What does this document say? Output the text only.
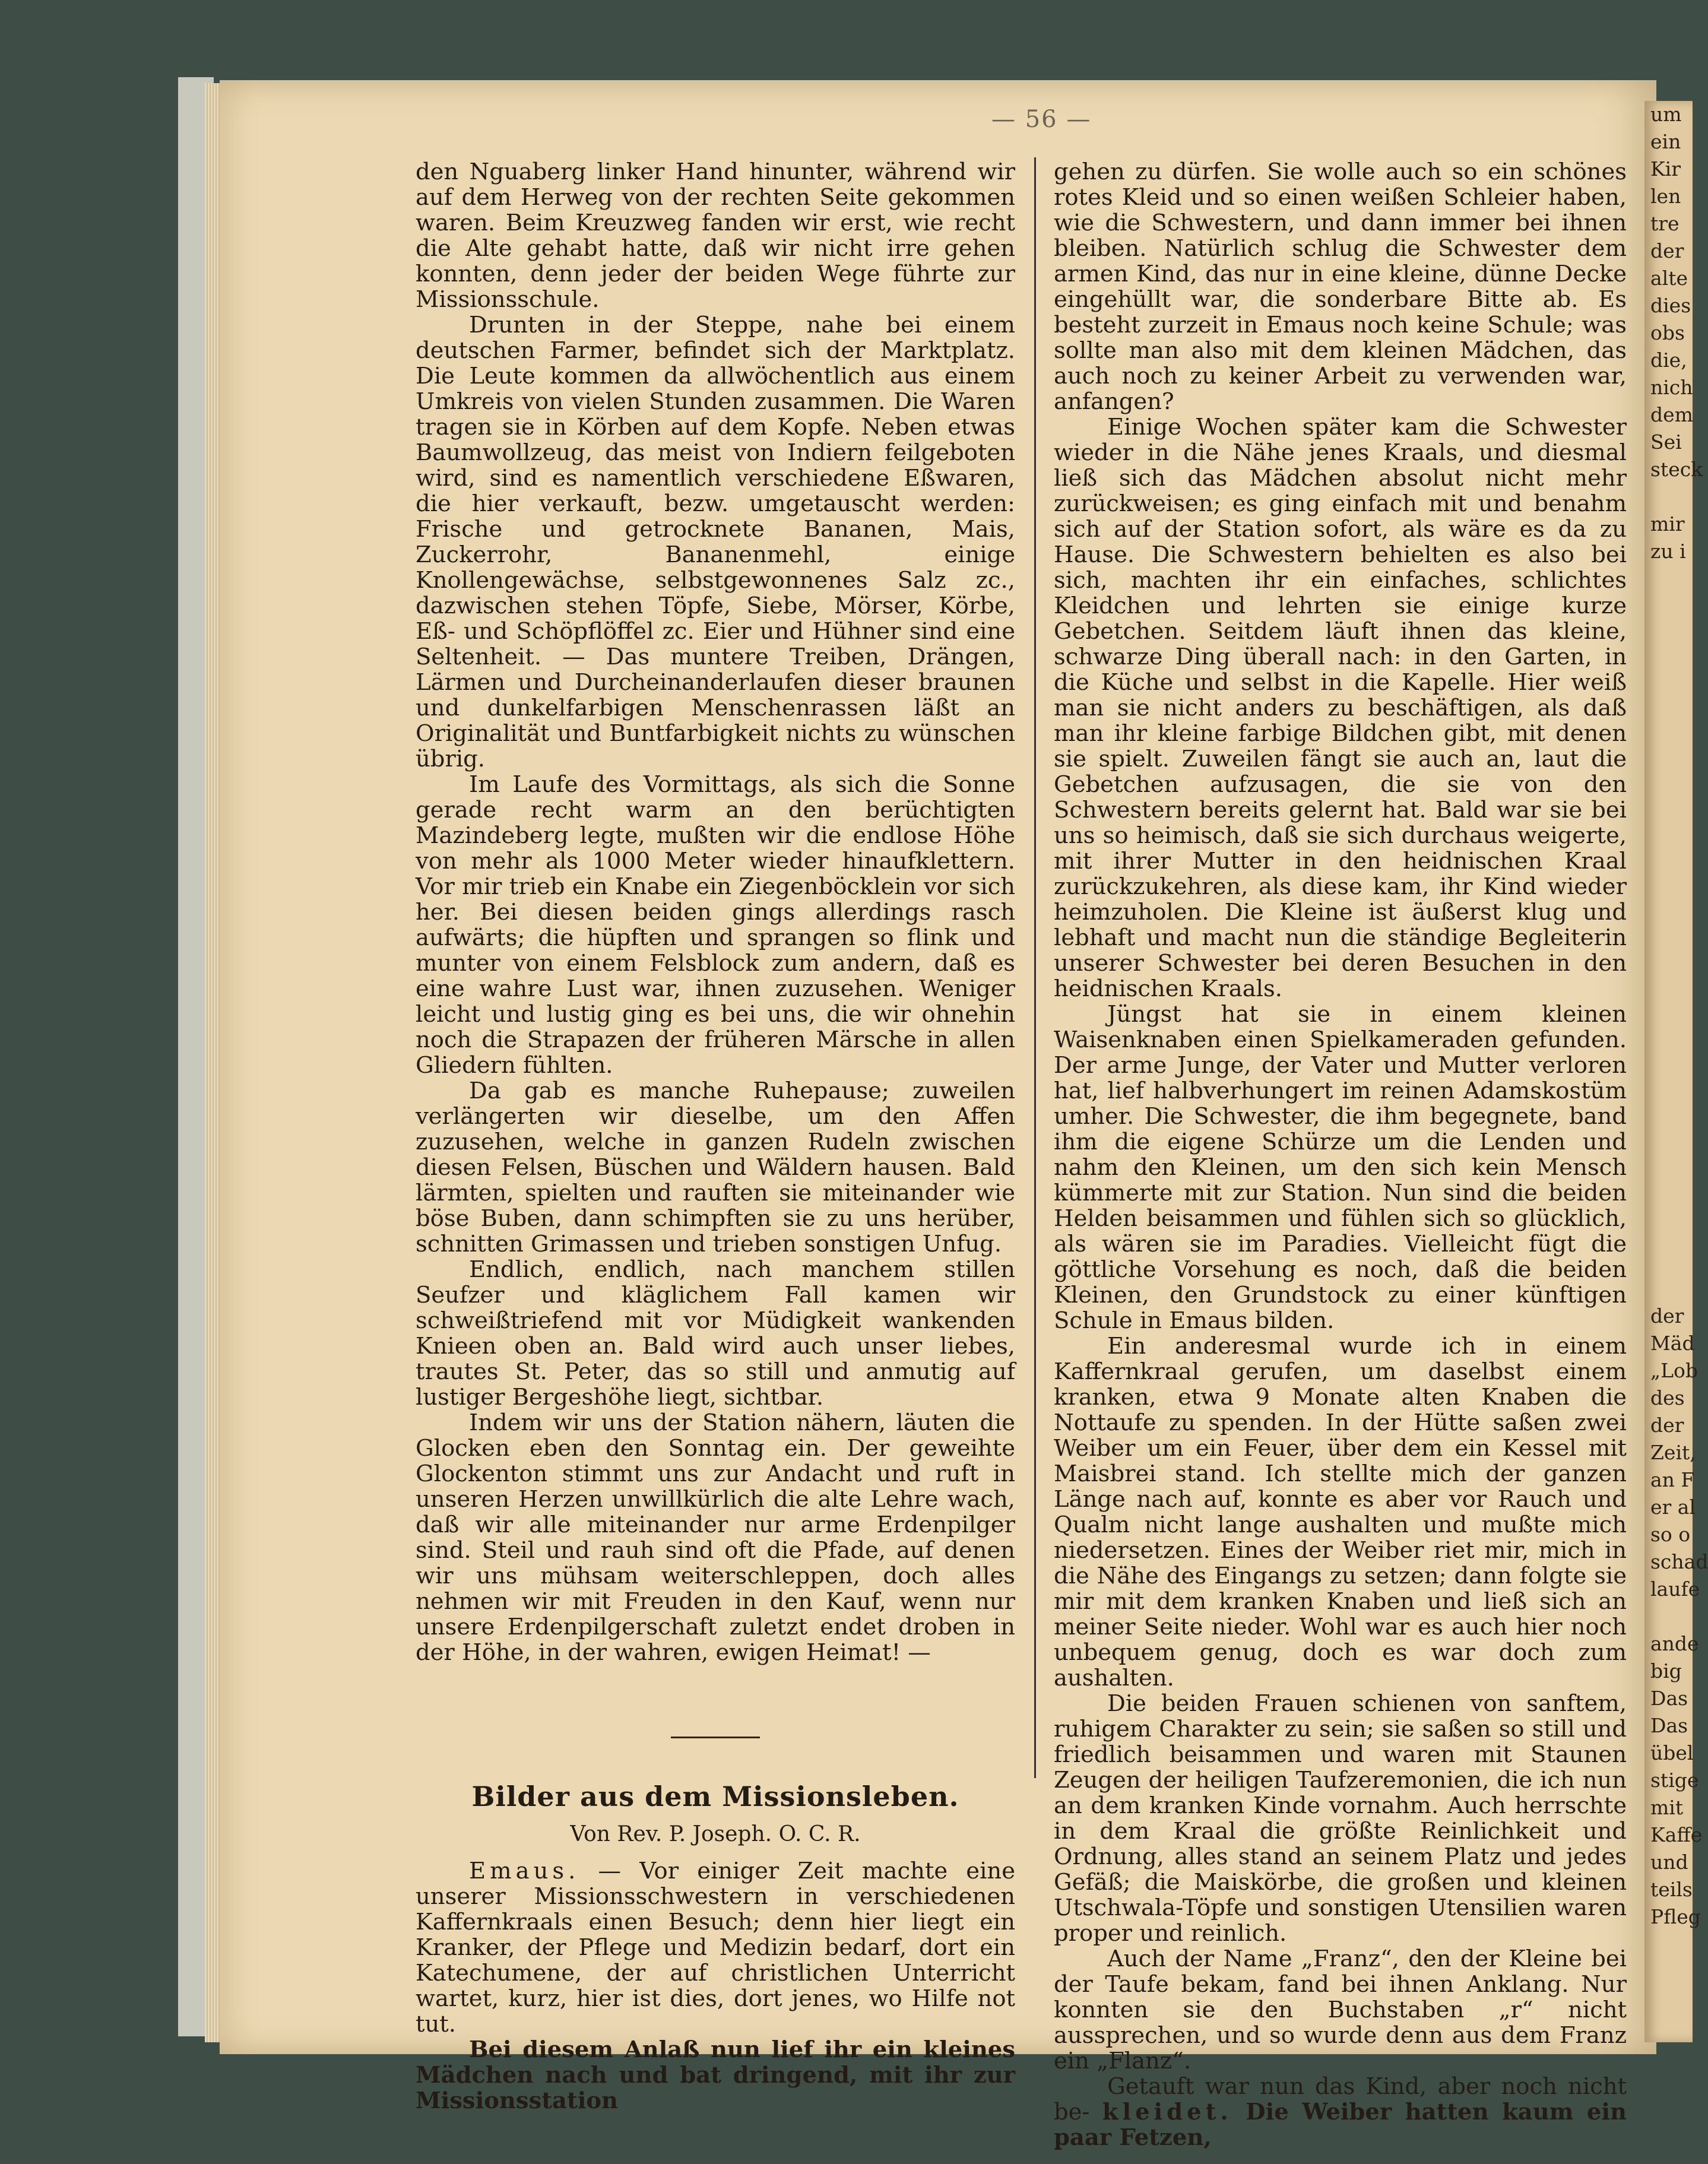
um
ein
Kir
len
tre
der
alte
dies
obs
die,
nich
dem
Sei
steck

mir
zu i

der
Mäd
„Lob
des
der
Zeit,
an F
er al
so o
schad
laufe

ande
big
Das
Das
übel
stige
mit
Kaffe
und
teils
Pfleg
— 56 —

den Nguaberg linker Hand hinunter, während wir auf dem Herweg von der rechten Seite gekommen waren. Beim Kreuzweg fanden wir erst, wie recht die Alte gehabt hatte, daß wir nicht irre gehen konnten, denn jeder der beiden Wege führte zur Missionsschule.

Drunten in der Steppe, nahe bei einem deutschen Farmer, befindet sich der Marktplatz. Die Leute kommen da allwöchentlich aus einem Umkreis von vielen Stunden zusammen. Die Waren tragen sie in Körben auf dem Kopfe. Neben etwas Baumwollzeug, das meist von Indiern feilgeboten wird, sind es namentlich verschiedene Eßwaren, die hier verkauft, bezw. umgetauscht werden: Frische und getrocknete Bananen, Mais, Zuckerrohr, Bananenmehl, einige Knollengewächse, selbstgewonnenes Salz zc., dazwischen stehen Töpfe, Siebe, Mörser, Körbe, Eß- und Schöpflöffel zc. Eier und Hühner sind eine Seltenheit. — Das muntere Treiben, Drängen, Lärmen und Durcheinanderlaufen dieser braunen und dunkelfarbigen Menschenrassen läßt an Originalität und Buntfarbigkeit nichts zu wünschen übrig.

Im Laufe des Vormittags, als sich die Sonne gerade recht warm an den berüchtigten Mazindeberg legte, mußten wir die endlose Höhe von mehr als 1000 Meter wieder hinaufklettern. Vor mir trieb ein Knabe ein Ziegenböcklein vor sich her. Bei diesen beiden gings allerdings rasch aufwärts; die hüpften und sprangen so flink und munter von einem Felsblock zum andern, daß es eine wahre Lust war, ihnen zuzusehen. Weniger leicht und lustig ging es bei uns, die wir ohnehin noch die Strapazen der früheren Märsche in allen Gliedern fühlten.

Da gab es manche Ruhepause; zuweilen verlängerten wir dieselbe, um den Affen zuzusehen, welche in ganzen Rudeln zwischen diesen Felsen, Büschen und Wäldern hausen. Bald lärmten, spielten und rauften sie miteinander wie böse Buben, dann schimpften sie zu uns herüber, schnitten Grimassen und trieben sonstigen Unfug.

Endlich, endlich, nach manchem stillen Seufzer und kläglichem Fall kamen wir schweißtriefend mit vor Müdigkeit wankenden Knieen oben an. Bald wird auch unser liebes, trautes St. Peter, das so still und anmutig auf lustiger Bergeshöhe liegt, sichtbar.

Indem wir uns der Station nähern, läuten die Glocken eben den Sonntag ein. Der geweihte Glockenton stimmt uns zur Andacht und ruft in unseren Herzen unwillkürlich die alte Lehre wach, daß wir alle miteinander nur arme Erdenpilger sind. Steil und rauh sind oft die Pfade, auf denen wir uns mühsam weiterschleppen, doch alles nehmen wir mit Freuden in den Kauf, wenn nur unsere Erdenpilgerschaft zuletzt endet droben in der Höhe, in der wahren, ewigen Heimat! —

Bilder aus dem Missionsleben.
Von Rev. P. Joseph. O. C. R.

Emaus. — Vor einiger Zeit machte eine unserer Missionsschwestern in verschiedenen Kaffernkraals einen Besuch; denn hier liegt ein Kranker, der Pflege und Medizin bedarf, dort ein Katechumene, der auf christlichen Unterricht wartet, kurz, hier ist dies, dort jenes, wo Hilfe not tut.

Bei diesem Anlaß nun lief ihr ein kleines Mädchen nach und bat dringend, mit ihr zur Missionsstation

gehen zu dürfen. Sie wolle auch so ein schönes rotes Kleid und so einen weißen Schleier haben, wie die Schwestern, und dann immer bei ihnen bleiben. Natürlich schlug die Schwester dem armen Kind, das nur in eine kleine, dünne Decke eingehüllt war, die sonderbare Bitte ab. Es besteht zurzeit in Emaus noch keine Schule; was sollte man also mit dem kleinen Mädchen, das auch noch zu keiner Arbeit zu verwenden war, anfangen?

Einige Wochen später kam die Schwester wieder in die Nähe jenes Kraals, und diesmal ließ sich das Mädchen absolut nicht mehr zurückweisen; es ging einfach mit und benahm sich auf der Station sofort, als wäre es da zu Hause. Die Schwestern behielten es also bei sich, machten ihr ein einfaches, schlichtes Kleidchen und lehrten sie einige kurze Gebetchen. Seitdem läuft ihnen das kleine, schwarze Ding überall nach: in den Garten, in die Küche und selbst in die Kapelle. Hier weiß man sie nicht anders zu beschäftigen, als daß man ihr kleine farbige Bildchen gibt, mit denen sie spielt. Zuweilen fängt sie auch an, laut die Gebetchen aufzusagen, die sie von den Schwestern bereits gelernt hat. Bald war sie bei uns so heimisch, daß sie sich durchaus weigerte, mit ihrer Mutter in den heidnischen Kraal zurückzukehren, als diese kam, ihr Kind wieder heimzuholen. Die Kleine ist äußerst klug und lebhaft und macht nun die ständige Begleiterin unserer Schwester bei deren Besuchen in den heidnischen Kraals.

Jüngst hat sie in einem kleinen Waisenknaben einen Spielkameraden gefunden. Der arme Junge, der Vater und Mutter verloren hat, lief halbverhungert im reinen Adamskostüm umher. Die Schwester, die ihm begegnete, band ihm die eigene Schürze um die Lenden und nahm den Kleinen, um den sich kein Mensch kümmerte mit zur Station. Nun sind die beiden Helden beisammen und fühlen sich so glücklich, als wären sie im Paradies. Vielleicht fügt die göttliche Vorsehung es noch, daß die beiden Kleinen, den Grundstock zu einer künftigen Schule in Emaus bilden.

Ein anderesmal wurde ich in einem Kaffernkraal gerufen, um daselbst einem kranken, etwa 9 Monate alten Knaben die Nottaufe zu spenden. In der Hütte saßen zwei Weiber um ein Feuer, über dem ein Kessel mit Maisbrei stand. Ich stellte mich der ganzen Länge nach auf, konnte es aber vor Rauch und Qualm nicht lange aushalten und mußte mich niedersetzen. Eines der Weiber riet mir, mich in die Nähe des Eingangs zu setzen; dann folgte sie mir mit dem kranken Knaben und ließ sich an meiner Seite nieder. Wohl war es auch hier noch unbequem genug, doch es war doch zum aushalten.

Die beiden Frauen schienen von sanftem, ruhigem Charakter zu sein; sie saßen so still und friedlich beisammen und waren mit Staunen Zeugen der heiligen Taufzeremonien, die ich nun an dem kranken Kinde vornahm. Auch herrschte in dem Kraal die größte Reinlichkeit und Ordnung, alles stand an seinem Platz und jedes Gefäß; die Maiskörbe, die großen und kleinen Utschwala-Töpfe und sonstigen Utensilien waren proper und reinlich.

Auch der Name „Franz“, den der Kleine bei der Taufe bekam, fand bei ihnen Anklang. Nur konnten sie den Buchstaben „r“ nicht aussprechen, und so wurde denn aus dem Franz ein „Flanz“.

Getauft war nun das Kind, aber noch nicht be- kleidet. Die Weiber hatten kaum ein paar Fetzen,
